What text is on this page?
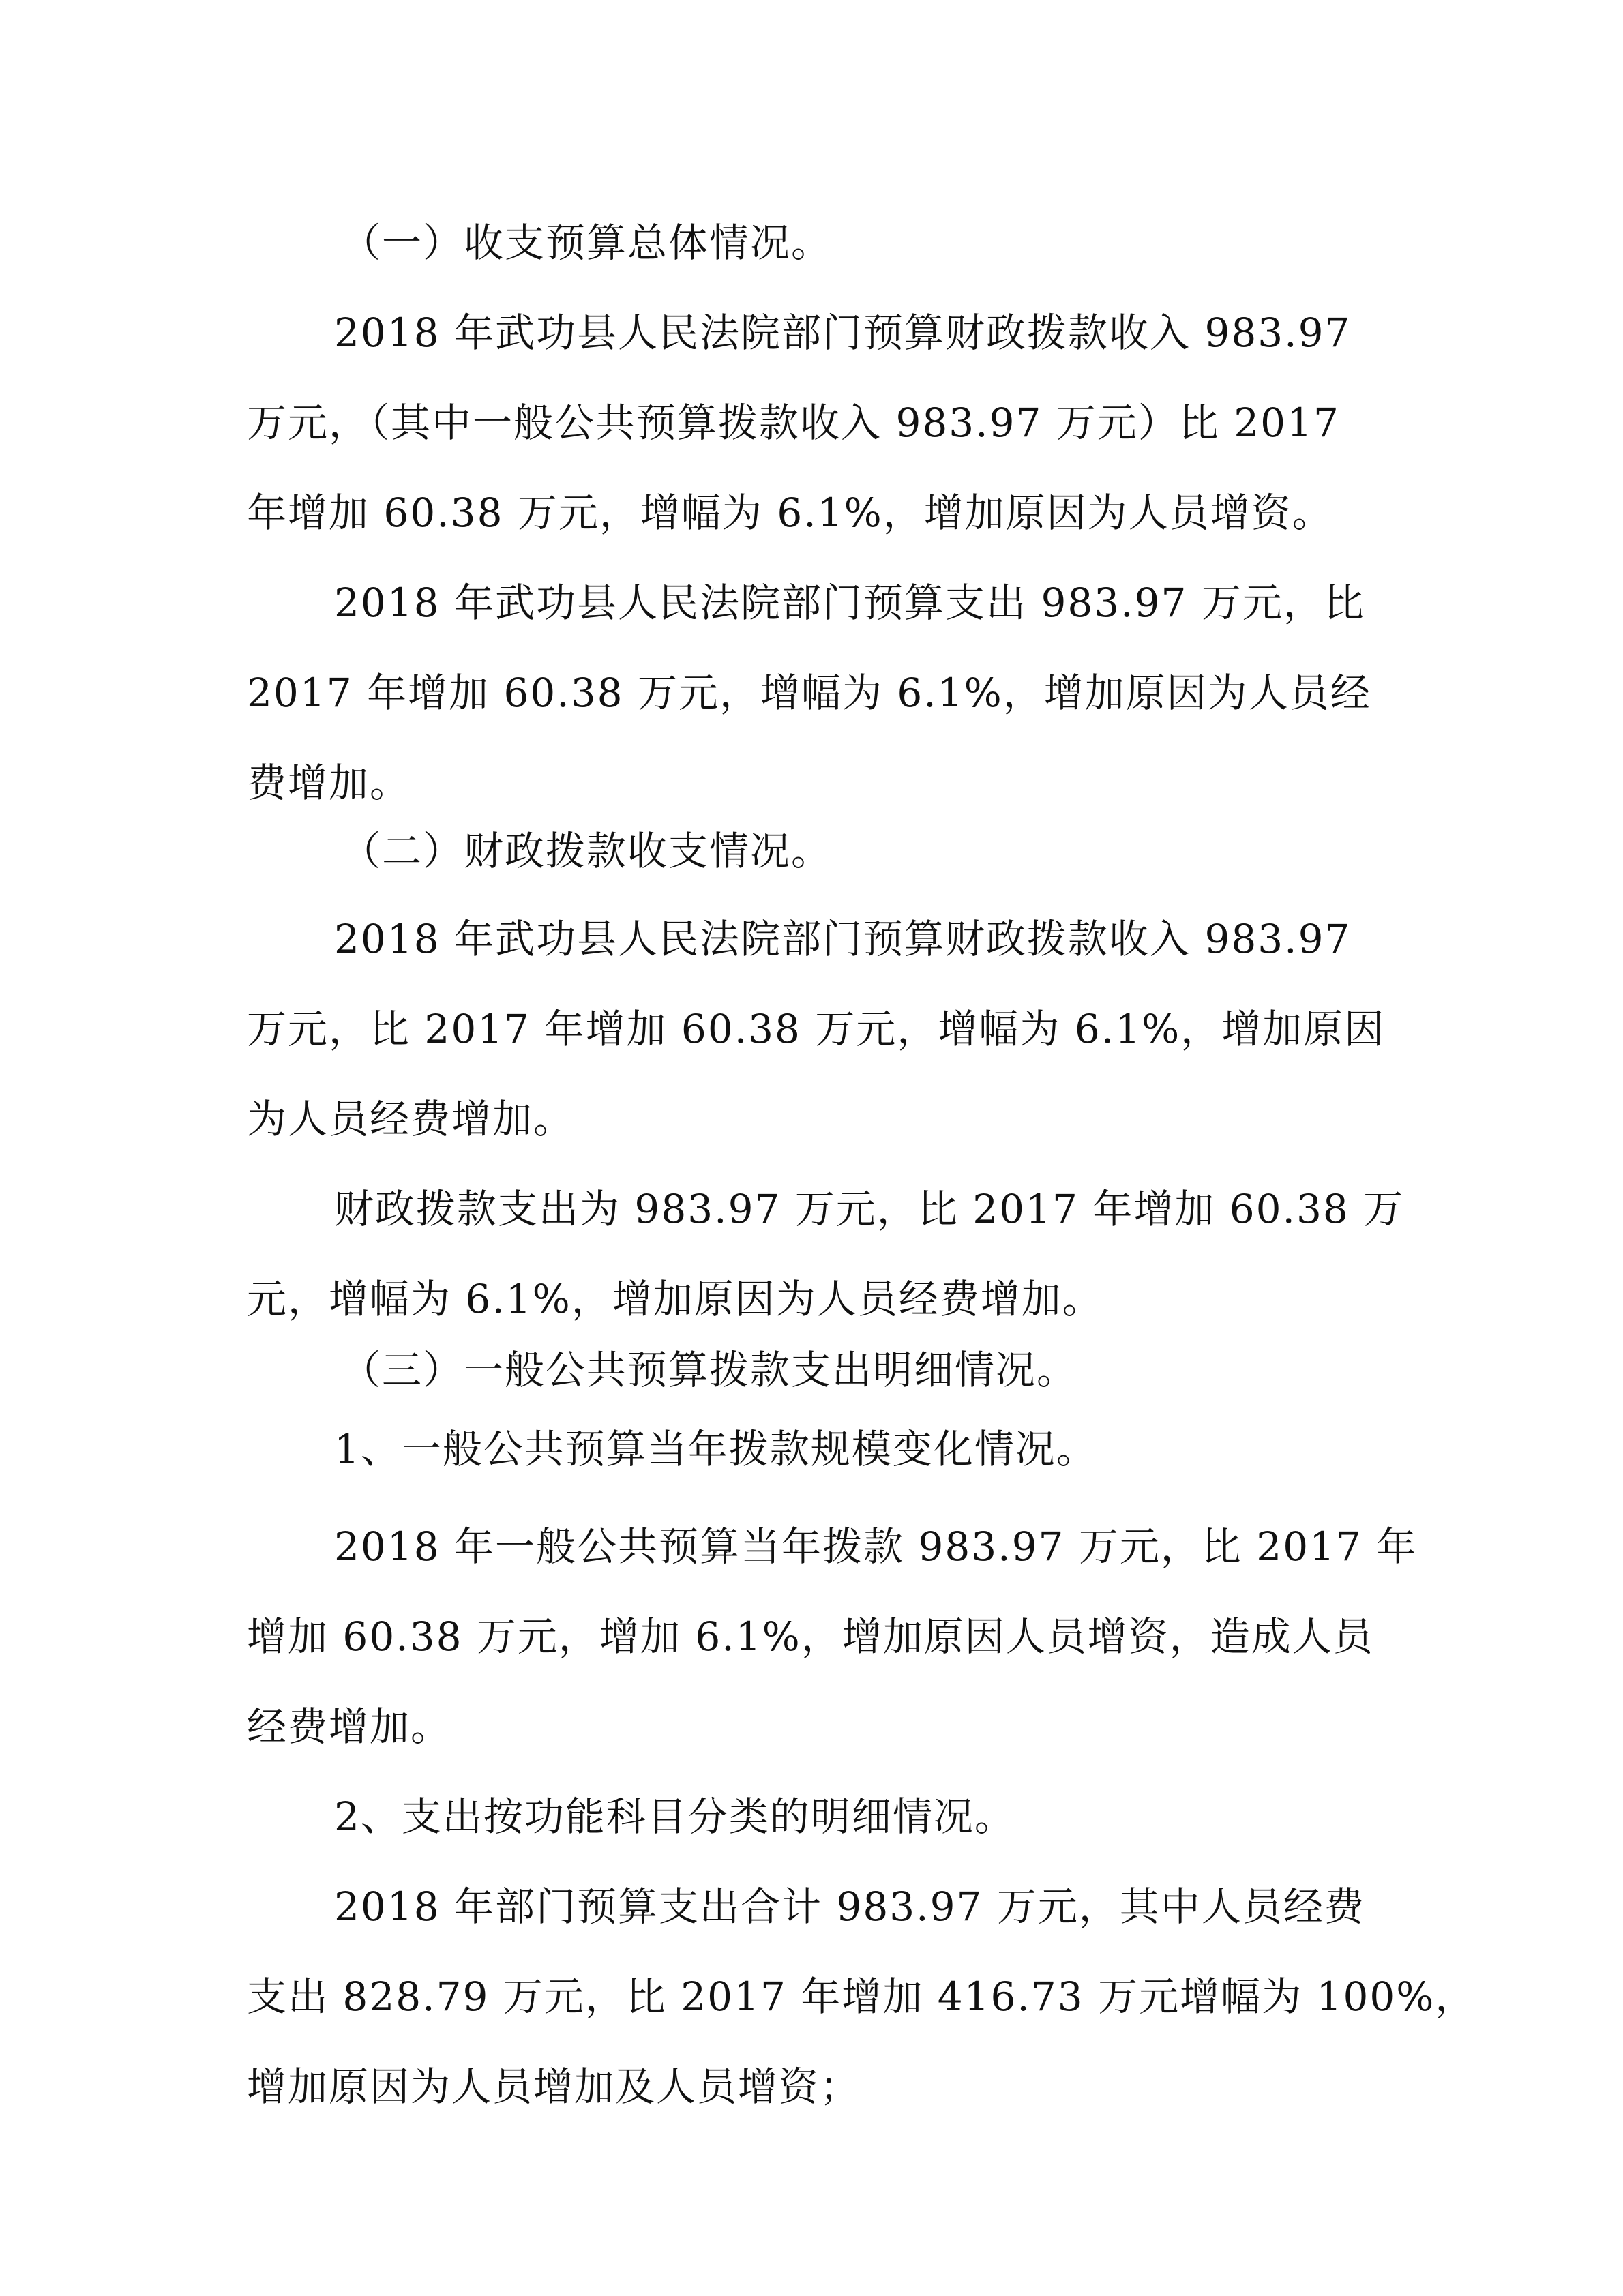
（一）收支预算总体情况。

2018 年武功县人民法院部门预算财政拨款收入 983.97

万元，（其中一般公共预算拨款收入 983.97 万元）比 2017

年增加 60.38 万元，增幅为 6.1%，增加原因为人员增资。

2018 年武功县人民法院部门预算支出 983.97 万元，比

2017 年增加 60.38 万元，增幅为 6.1%，增加原因为人员经

费增加。

（二）财政拨款收支情况。

2018 年武功县人民法院部门预算财政拨款收入 983.97

万元，比 2017 年增加 60.38 万元，增幅为 6.1%，增加原因

为人员经费增加。

财政拨款支出为 983.97 万元，比 2017 年增加 60.38 万

元，增幅为 6.1%，增加原因为人员经费增加。

（三）一般公共预算拨款支出明细情况。

1、一般公共预算当年拨款规模变化情况。

2018 年一般公共预算当年拨款 983.97 万元，比 2017 年

增加 60.38 万元，增加 6.1%，增加原因人员增资，造成人员

经费增加。

2、支出按功能科目分类的明细情况。

2018 年部门预算支出合计 983.97 万元，其中人员经费

支出 828.79 万元，比 2017 年增加 416.73 万元增幅为 100%，

增加原因为人员增加及人员增资；
